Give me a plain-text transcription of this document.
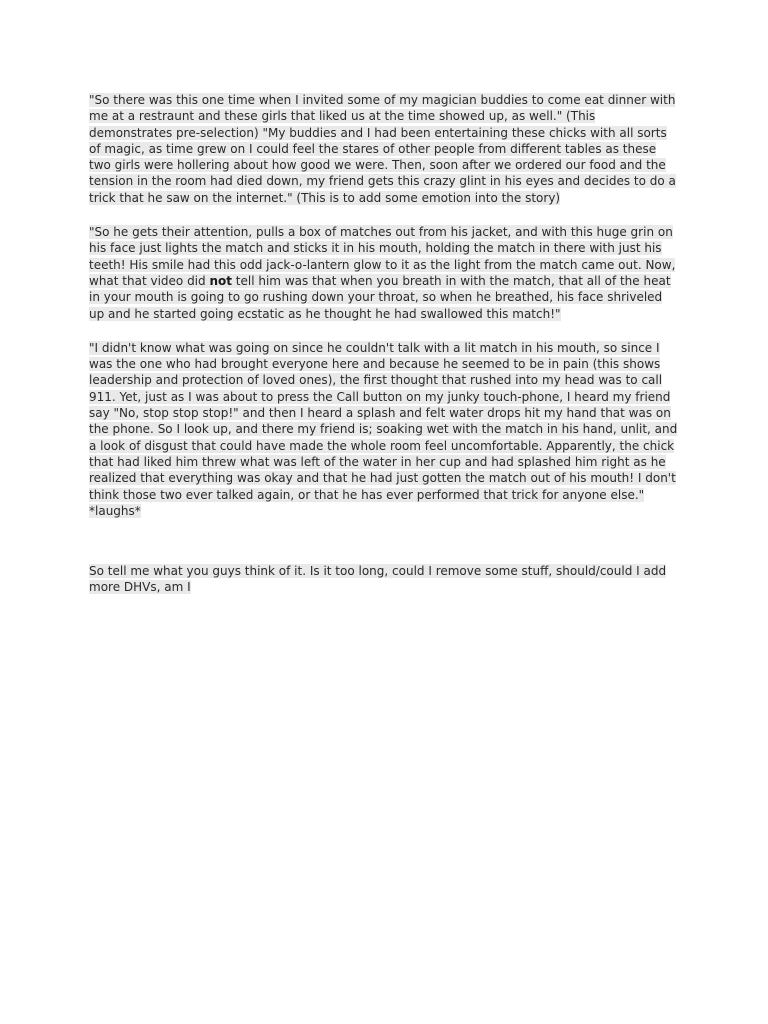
"So there was this one time when I invited some of my magician buddies to come eat dinner with me at a restraunt and these girls that liked us at the time showed up, as well." (This demonstrates pre-selection) "My buddies and I had been entertaining these chicks with all sorts of magic, as time grew on I could feel the stares of other people from different tables as these two girls were hollering about how good we were. Then, soon after we ordered our food and the tension in the room had died down, my friend gets this crazy glint in his eyes and decides to do a trick that he saw on the internet." (This is to add some emotion into the story)

"So he gets their attention, pulls a box of matches out from his jacket, and with this huge grin on his face just lights the match and sticks it in his mouth, holding the match in there with just his teeth! His smile had this odd jack-o-lantern glow to it as the light from the match came out. Now, what that video did not tell him was that when you breath in with the match, that all of the heat in your mouth is going to go rushing down your throat, so when he breathed, his face shriveled up and he started going ecstatic as he thought he had swallowed this match!"

"I didn't know what was going on since he couldn't talk with a lit match in his mouth, so since I was the one who had brought everyone here and because he seemed to be in pain (this shows leadership and protection of loved ones), the first thought that rushed into my head was to call 911. Yet, just as I was about to press the Call button on my junky touch-phone, I heard my friend say "No, stop stop stop!" and then I heard a splash and felt water drops hit my hand that was on the phone. So I look up, and there my friend is; soaking wet with the match in his hand, unlit, and a look of disgust that could have made the whole room feel uncomfortable. Apparently, the chick that had liked him threw what was left of the water in her cup and had splashed him right as he realized that everything was okay and that he had just gotten the match out of his mouth! I don't think those two ever talked again, or that he has ever performed that trick for anyone else." *laughs*

So tell me what you guys think of it. Is it too long, could I remove some stuff, should/could I add more DHVs, am I
